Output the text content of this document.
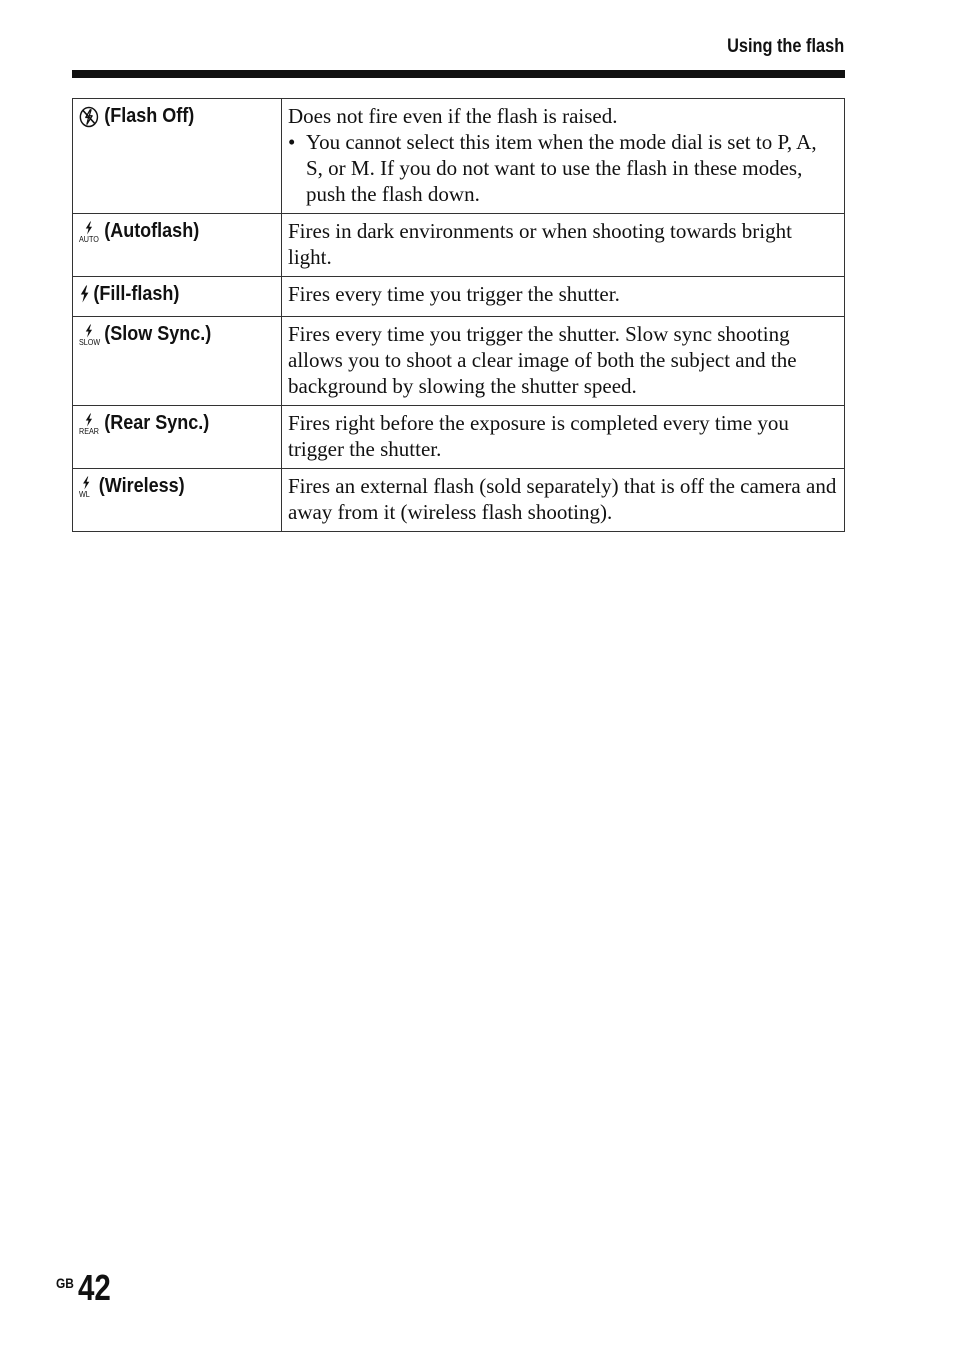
Using the flash
(Flash Off)	Does not fire even if the flash is raised.
• You cannot select this item when the mode dial is set to P, A, S, or M. If you do not want to use the flash in these modes, push the flash down.

AUTO (Autoflash)	Fires in dark environments or when shooting towards bright light.

(Fill-flash)	Fires every time you trigger the shutter.

SLOW (Slow Sync.)	Fires every time you trigger the shutter. Slow sync shooting allows you to shoot a clear image of both the subject and the background by slowing the shutter speed.

REAR (Rear Sync.)	Fires right before the exposure is completed every time you trigger the shutter.

WL (Wireless)	Fires an external flash (sold separately) that is off the camera and away from it (wireless flash shooting).
GB 42
